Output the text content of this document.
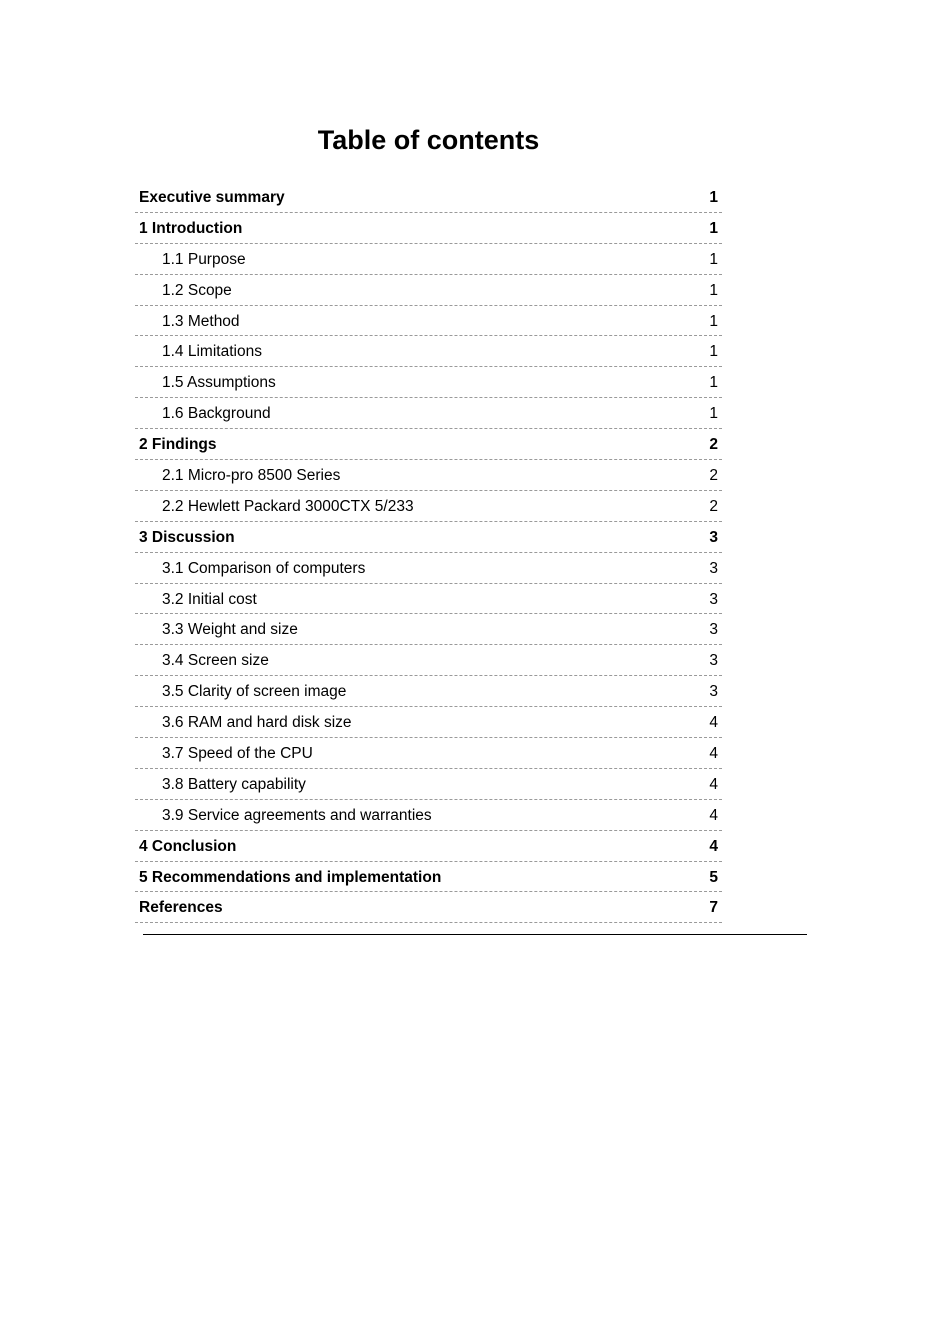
Table of contents
Executive summary	1
1 Introduction	1
1.1 Purpose	1
1.2 Scope	1
1.3 Method	1
1.4 Limitations	1
1.5 Assumptions	1
1.6 Background	1
2 Findings	2
2.1 Micro-pro 8500 Series	2
2.2 Hewlett Packard 3000CTX 5/233	2
3 Discussion	3
3.1 Comparison of computers	3
3.2 Initial cost	3
3.3 Weight and size	3
3.4 Screen size	3
3.5 Clarity of screen image	3
3.6 RAM and hard disk size	4
3.7 Speed of the CPU	4
3.8 Battery capability	4
3.9 Service agreements and warranties	4
4 Conclusion	4
5 Recommendations and implementation	5
References	7
